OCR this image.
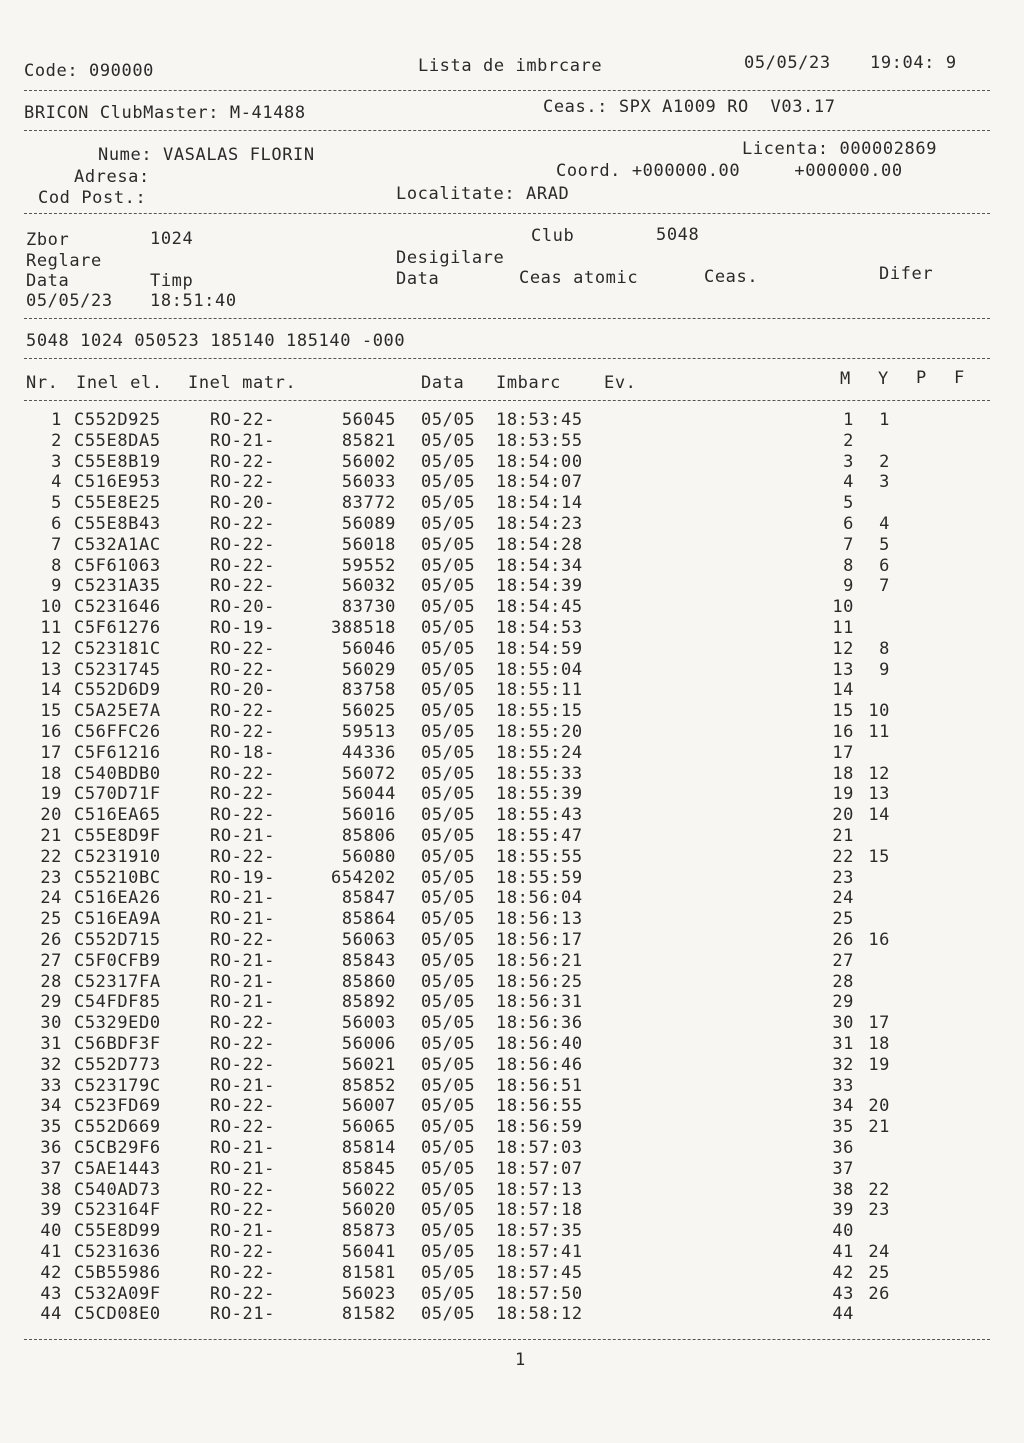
Code: 090000	Lista de imbrcare	05/05/23 19:04: 9
BRICON ClubMaster: M-41488	Ceas.: SPX A1009 RO  V03.17
Nume: VASALAS FLORIN	Licenta: 000002869
Adresa:	Coord. +000000.00     +000000.00
Cod Post.:	Localitate: ARAD
Zbor	1024	Club	5048
Reglare	Desigilare
Data	Timp	Data	Ceas atomic	Ceas.	Difer
05/05/23 18:51:40
5048 1024 050523 185140 185140 -000
Nr. Inel el. Inel matr.	Data Imbarc	Ev.	M Y P F
1 C552D925	RO-22-	56045 05/05	18:53:45	1	1
2 C55E8DA5	RO-21-	85821 05/05	18:53:55	2
3 C55E8B19	RO-22-	56002 05/05	18:54:00	3	2
4 C516E953	RO-22-	56033 05/05	18:54:07	4	3
5 C55E8E25	RO-20-	83772 05/05	18:54:14	5
6 C55E8B43	RO-22-	56089 05/05	18:54:23	6	4
7 C532A1AC	RO-22-	56018 05/05	18:54:28	7	5
8 C5F61063	RO-22-	59552 05/05	18:54:34	8	6
9 C5231A35	RO-22-	56032 05/05	18:54:39	9	7
10 C5231646	RO-20-	83730 05/05	18:54:45	10
11 C5F61276	RO-19-	388518 05/05	18:54:53	11
12 C523181C	RO-22-	56046 05/05	18:54:59	12	8
13 C5231745	RO-22-	56029 05/05	18:55:04	13	9
14 C552D6D9	RO-20-	83758 05/05	18:55:11	14
15 C5A25E7A	RO-22-	56025 05/05	18:55:15	15 10
16 C56FFC26	RO-22-	59513 05/05	18:55:20	16 11
17 C5F61216	RO-18-	44336 05/05	18:55:24	17
18 C540BDB0	RO-22-	56072 05/05	18:55:33	18 12
19 C570D71F	RO-22-	56044 05/05	18:55:39	19 13
20 C516EA65	RO-22-	56016 05/05	18:55:43	20 14
21 C55E8D9F	RO-21-	85806 05/05	18:55:47	21
22 C5231910	RO-22-	56080 05/05	18:55:55	22 15
23 C55210BC	RO-19-	654202 05/05	18:55:59	23
24 C516EA26	RO-21-	85847 05/05	18:56:04	24
25 C516EA9A	RO-21-	85864 05/05	18:56:13	25
26 C552D715	RO-22-	56063 05/05	18:56:17	26 16
27 C5F0CFB9	RO-21-	85843 05/05	18:56:21	27
28 C52317FA	RO-21-	85860 05/05	18:56:25	28
29 C54FDF85	RO-21-	85892 05/05	18:56:31	29
30 C5329ED0	RO-22-	56003 05/05	18:56:36	30 17
31 C56BDF3F	RO-22-	56006 05/05	18:56:40	31 18
32 C552D773	RO-22-	56021 05/05	18:56:46	32 19
33 C523179C	RO-21-	85852 05/05	18:56:51	33
34 C523FD69	RO-22-	56007 05/05	18:56:55	34 20
35 C552D669	RO-22-	56065 05/05	18:56:59	35 21
36 C5CB29F6	RO-21-	85814 05/05	18:57:03	36
37 C5AE1443	RO-21-	85845 05/05	18:57:07	37
38 C540AD73	RO-22-	56022 05/05	18:57:13	38 22
39 C523164F	RO-22-	56020 05/05	18:57:18	39 23
40 C55E8D99	RO-21-	85873 05/05	18:57:35	40
41 C5231636	RO-22-	56041 05/05	18:57:41	41 24
42 C5B55986	RO-22-	81581 05/05	18:57:45	42 25
43 C532A09F	RO-22-	56023 05/05	18:57:50	43 26
44 C5CD08E0	RO-21-	81582 05/05	18:58:12	44
1
